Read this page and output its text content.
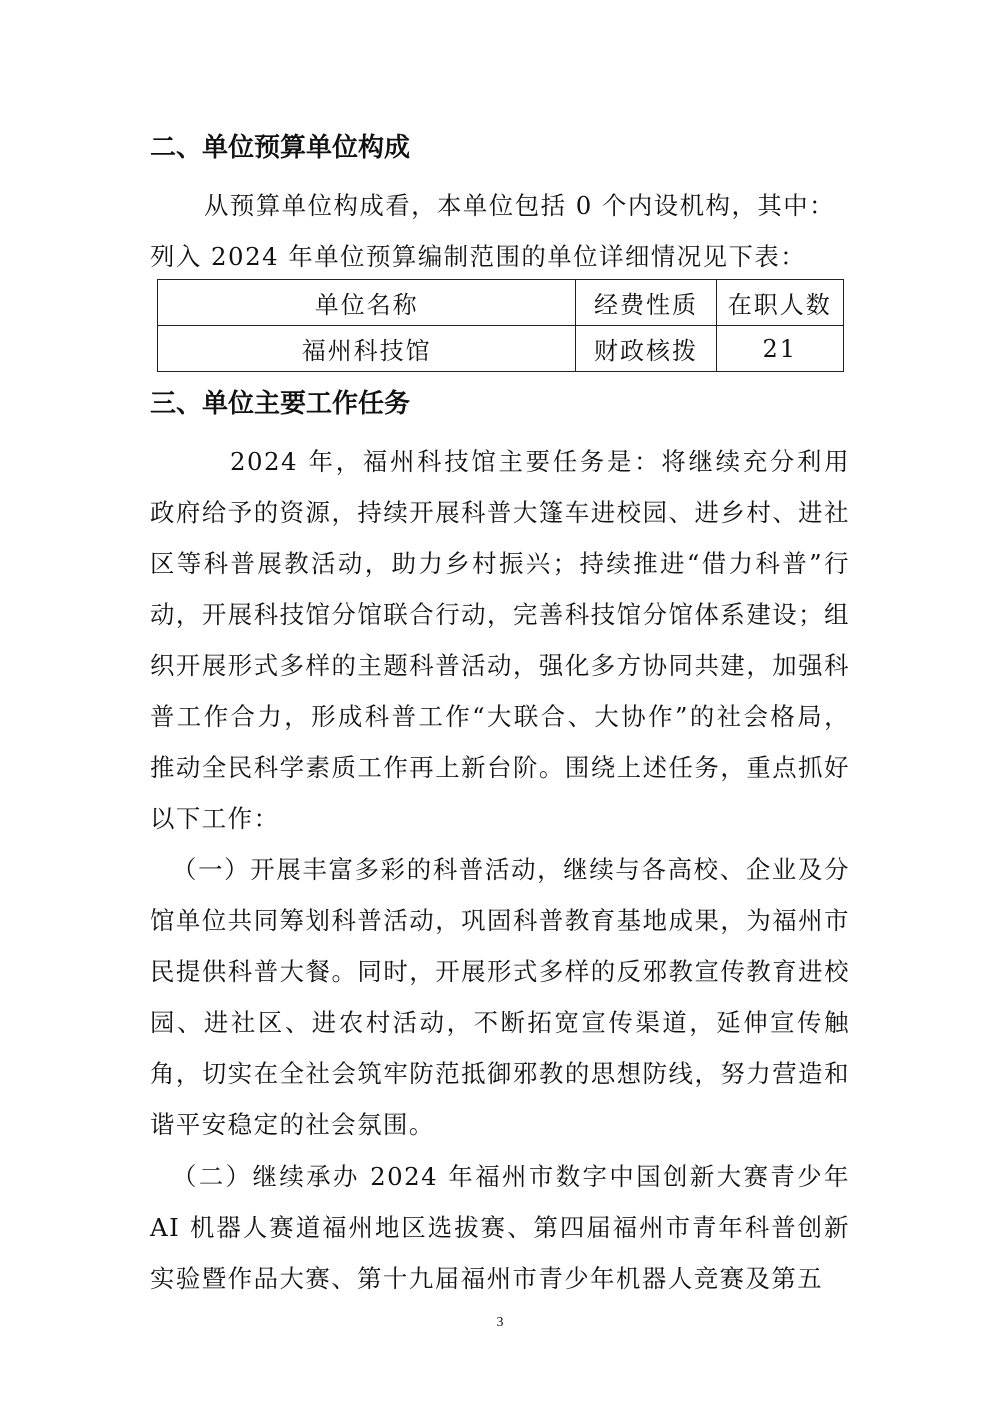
二、单位预算单位构成

从预算单位构成看，本单位包括 0 个内设机构，其中：

列入 2024 年单位预算编制范围的单位详细情况见下表：

单位名称	经费性质	在职人数
福州科技馆	财政核拨	21
三、单位主要工作任务

2024 年，福州科技馆主要任务是：将继续充分利用政府给予的资源，持续开展科普大篷车进校园、进乡村、进社区等科普展教活动，助力乡村振兴；持续推进“借力科普”行动，开展科技馆分馆联合行动，完善科技馆分馆体系建设；组织开展形式多样的主题科普活动，强化多方协同共建，加强科普工作合力，形成科普工作“大联合、大协作”的社会格局，推动全民科学素质工作再上新台阶。围绕上述任务，重点抓好以下工作：

（一）开展丰富多彩的科普活动，继续与各高校、企业及分馆单位共同筹划科普活动，巩固科普教育基地成果，为福州市民提供科普大餐。同时，开展形式多样的反邪教宣传教育进校园、进社区、进农村活动，不断拓宽宣传渠道，延伸宣传触角，切实在全社会筑牢防范抵御邪教的思想防线，努力营造和谐平安稳定的社会氛围。

（二）继续承办 2024 年福州市数字中国创新大赛青少年 AI 机器人赛道福州地区选拔赛、第四届福州市青年科普创新实验暨作品大赛、第十九届福州市青少年机器人竞赛及第五

3
